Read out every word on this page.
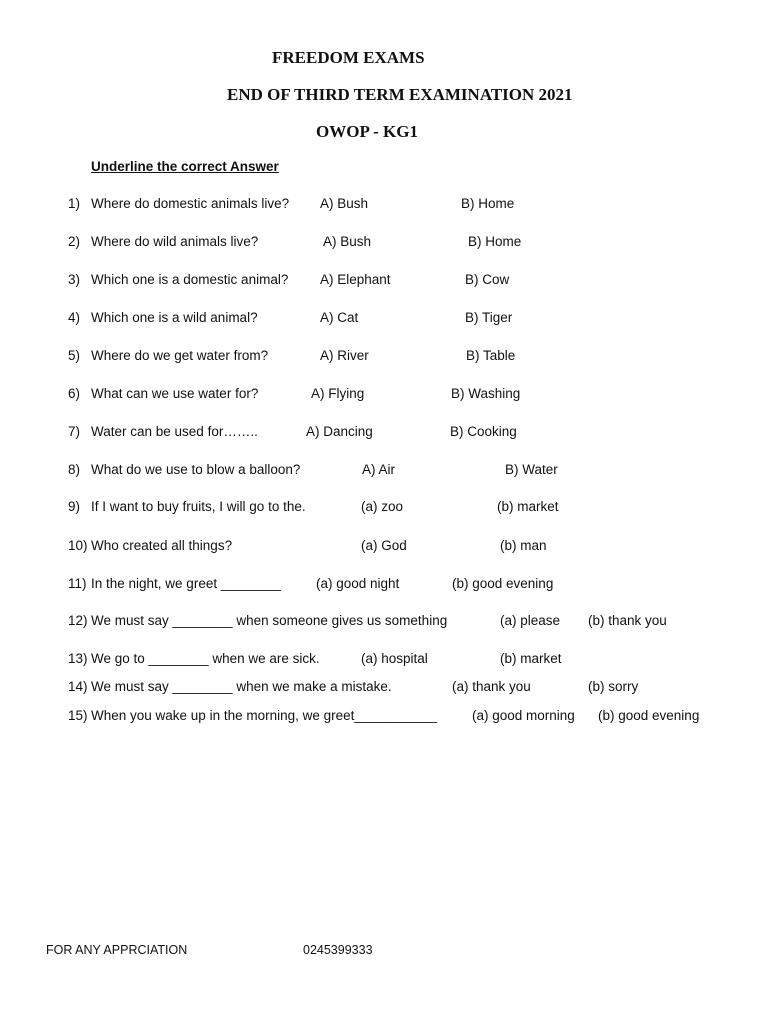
FREEDOM EXAMS
END OF THIRD TERM EXAMINATION 2021
OWOP - KG1
Underline the correct Answer
1) Where do domestic animals live? A) Bush	B) Home
2) Where do wild animals live?	A) Bush	B) Home
3) Which one is a domestic animal? A) Elephant	B) Cow
4) Which one is a wild animal?	A) Cat	B) Tiger
5) Where do we get water from?	A) River	B) Table
6) What can we use water for?	A) Flying	B) Washing
7) Water can be used for……..	A) Dancing	B) Cooking
8) What do we use to blow a balloon?	A) Air	B) Water
9) If I want to buy fruits, I will go to the.	(a) zoo	(b) market
10) Who created all things?	(a) God	(b) man
11) In the night, we greet ________	(a) good night	(b) good evening
12) We must say ________ when someone gives us something	(a) please (b) thank you
13) We go to ________ when we are sick.	(a) hospital	(b) market
14) We must say ________ when we make a mistake.	(a) thank you	(b) sorry
15) When you wake up in the morning, we greet___________	(a) good morning (b) good evening
FOR ANY APPRCIATION	0245399333
